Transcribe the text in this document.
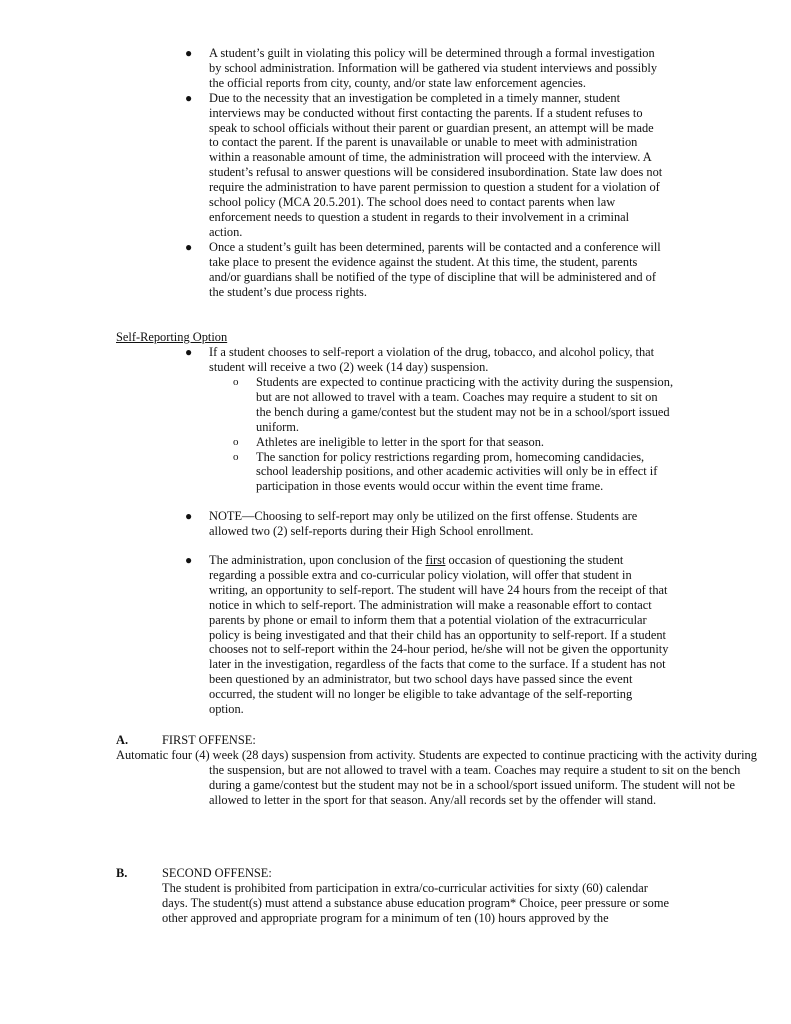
● A student’s guilt in violating this policy will be determined through a formal investigation by school administration. Information will be gathered via student interviews and possibly the official reports from city, county, and/or state law enforcement agencies.
● Due to the necessity that an investigation be completed in a timely manner, student interviews may be conducted without first contacting the parents. If a student refuses to speak to school officials without their parent or guardian present, an attempt will be made to contact the parent. If the parent is unavailable or unable to meet with administration within a reasonable amount of time, the administration will proceed with the interview. A student’s refusal to answer questions will be considered insubordination. State law does not require the administration to have parent permission to question a student for a violation of school policy (MCA 20.5.201). The school does need to contact parents when law enforcement needs to question a student in regards to their involvement in a criminal action.
● Once a student’s guilt has been determined, parents will be contacted and a conference will take place to present the evidence against the student. At this time, the student, parents and/or guardians shall be notified of the type of discipline that will be administered and of the student’s due process rights.
Self-Reporting Option
● If a student chooses to self-report a violation of the drug, tobacco, and alcohol policy, that student will receive a two (2) week (14 day) suspension.
o Students are expected to continue practicing with the activity during the suspension, but are not allowed to travel with a team. Coaches may require a student to sit on the bench during a game/contest but the student may not be in a school/sport issued uniform.
o Athletes are ineligible to letter in the sport for that season.
o The sanction for policy restrictions regarding prom, homecoming candidacies, school leadership positions, and other academic activities will only be in effect if participation in those events would occur within the event time frame.
● NOTE—Choosing to self-report may only be utilized on the first offense. Students are allowed two (2) self-reports during their High School enrollment.
● The administration, upon conclusion of the first occasion of questioning the student regarding a possible extra and co-curricular policy violation, will offer that student in writing, an opportunity to self-report. The student will have 24 hours from the receipt of that notice in which to self-report. The administration will make a reasonable effort to contact parents by phone or email to inform them that a potential violation of the extracurricular policy is being investigated and that their child has an opportunity to self-report. If a student chooses not to self-report within the 24-hour period, he/she will not be given the opportunity later in the investigation, regardless of the facts that come to the surface. If a student has not been questioned by an administrator, but two school days have passed since the event occurred, the student will no longer be eligible to take advantage of the self-reporting option.
A.	FIRST OFFENSE:
Automatic four (4) week (28 days) suspension from activity. Students are expected to continue practicing with the activity during the suspension, but are not allowed to travel with a team. Coaches may require a student to sit on the bench during a game/contest but the student may not be in a school/sport issued uniform. The student will not be allowed to letter in the sport for that season. Any/all records set by the offender will stand.
B.	SECOND OFFENSE:
The student is prohibited from participation in extra/co-curricular activities for sixty (60) calendar days. The student(s) must attend a substance abuse education program* Choice, peer pressure or some other approved and appropriate program for a minimum of ten (10) hours approved by the
